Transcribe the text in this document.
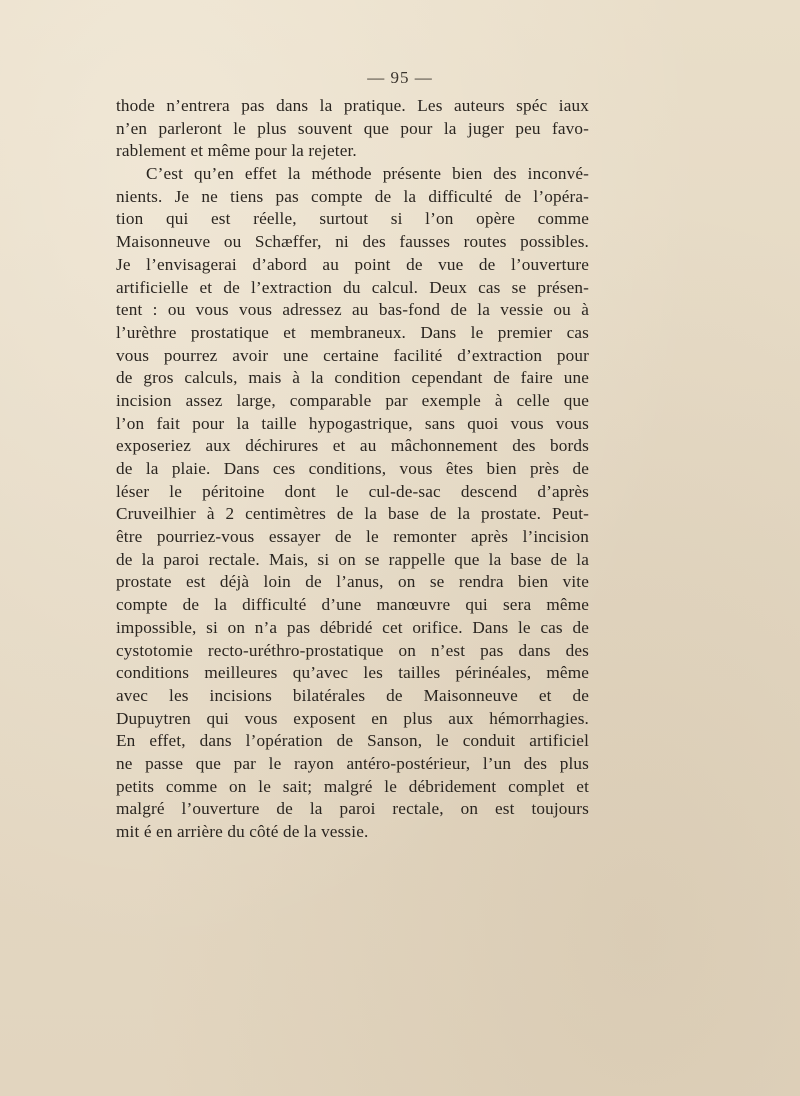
— 95 —
thode n’entrera pas dans la pratique. Les auteurs spéc iaux
n’en parleront le plus souvent que pour la juger peu favo-
rablement et même pour la rejeter.
C’est qu’en effet la méthode présente bien des inconvé-
nients. Je ne tiens pas compte de la difficulté de l’opéra-
tion qui est réelle, surtout si l’on opère comme
Maisonneuve ou Schæffer, ni des fausses routes possibles.
Je l’envisagerai d’abord au point de vue de l’ouverture
artificielle et de l’extraction du calcul. Deux cas se présen-
tent : ou vous vous adressez au bas-fond de la vessie ou à
l’urèthre prostatique et membraneux. Dans le premier cas
vous pourrez avoir une certaine facilité d’extraction pour
de gros calculs, mais à la condition cependant de faire une
incision assez large, comparable par exemple à celle que
l’on fait pour la taille hypogastrique, sans quoi vous vous
exposeriez aux déchirures et au mâchonnement des bords
de la plaie. Dans ces conditions, vous êtes bien près de
léser le péritoine dont le cul-de-sac descend d’après
Cruveilhier à 2 centimètres de la base de la prostate. Peut-
être pourriez-vous essayer de le remonter après l’incision
de la paroi rectale. Mais, si on se rappelle que la base de la
prostate est déjà loin de l’anus, on se rendra bien vite
compte de la difficulté d’une manœuvre qui sera même
impossible, si on n’a pas débridé cet orifice. Dans le cas de
cystotomie recto-uréthro-prostatique on n’est pas dans des
conditions meilleures qu’avec les tailles périnéales, même
avec les incisions bilatérales de Maisonneuve et de
Dupuytren qui vous exposent en plus aux hémorrhagies.
En effet, dans l’opération de Sanson, le conduit artificiel
ne passe que par le rayon antéro-postérieur, l’un des plus
petits comme on le sait; malgré le débridement complet et
malgré l’ouverture de la paroi rectale, on est toujours
mit é en arrière du côté de la vessie.
